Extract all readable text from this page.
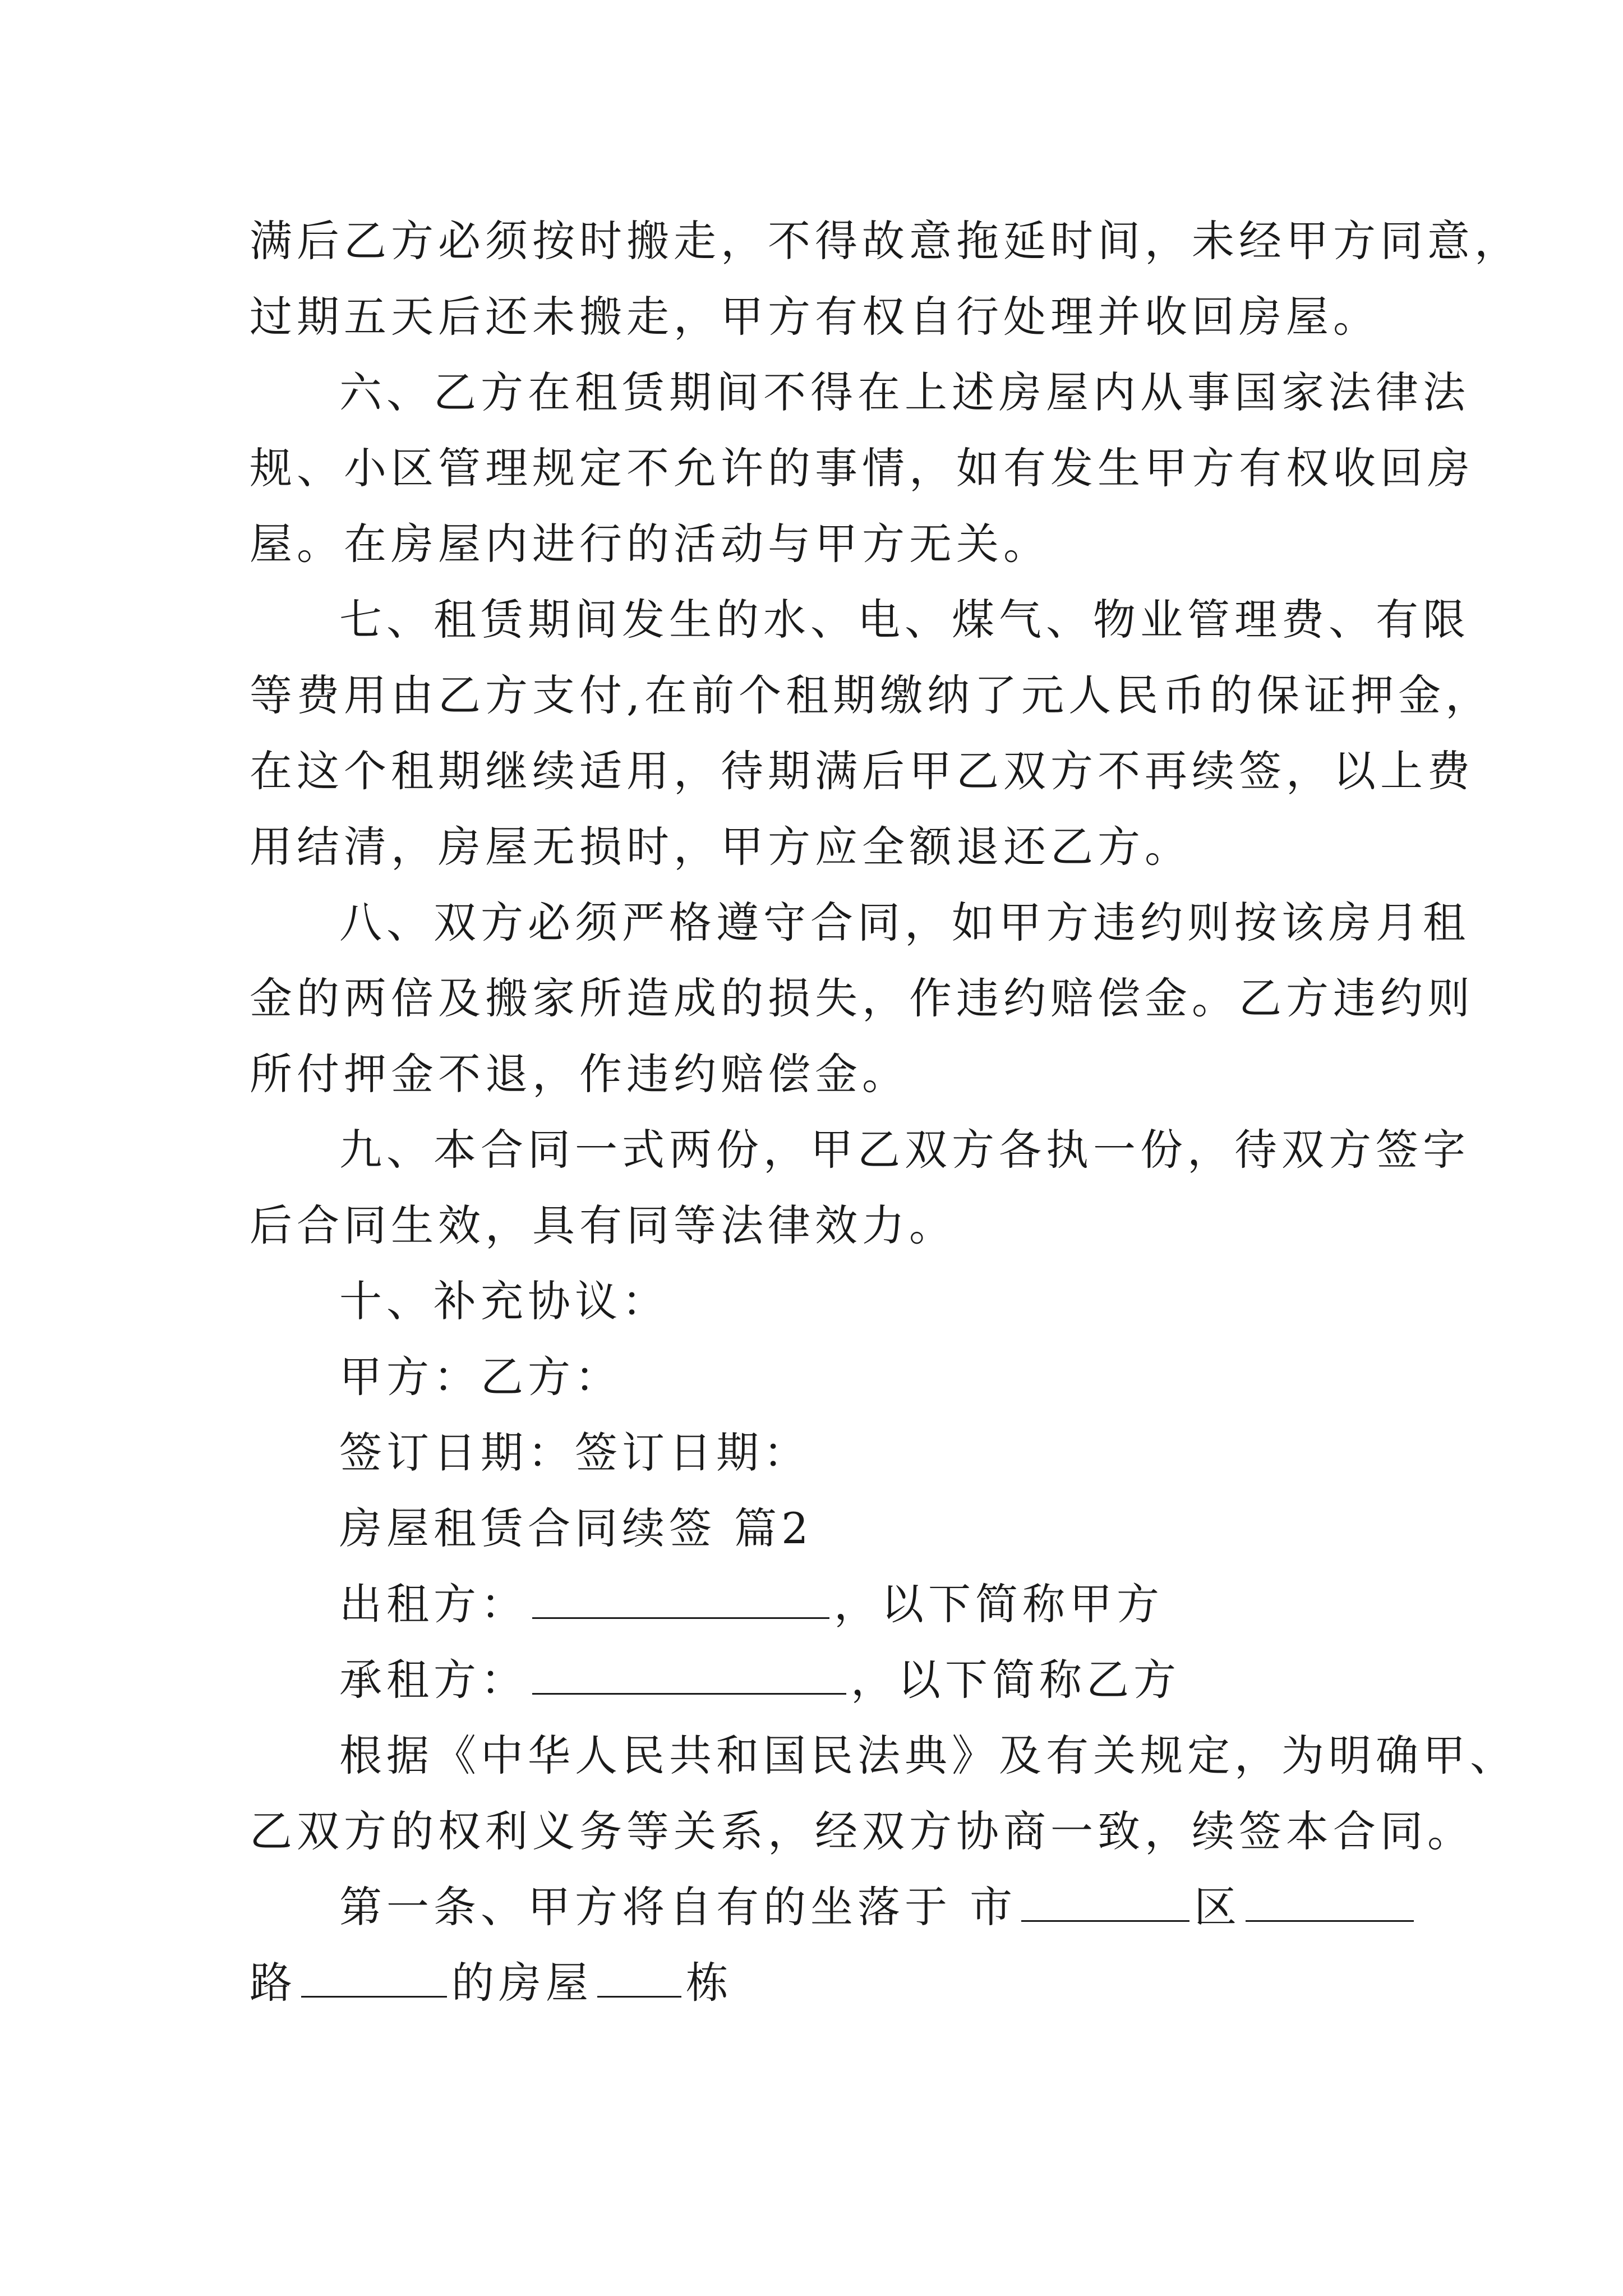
满后乙方必须按时搬走，不得故意拖延时间，未经甲方同意，
过期五天后还未搬走，甲方有权自行处理并收回房屋。
六、乙方在租赁期间不得在上述房屋内从事国家法律法
规、小区管理规定不允许的事情，如有发生甲方有权收回房
屋。在房屋内进行的活动与甲方无关。
七、租赁期间发生的水、电、煤气、物业管理费、有限
等费用由乙方支付,在前个租期缴纳了元人民币的保证押金，
在这个租期继续适用，待期满后甲乙双方不再续签，以上费
用结清，房屋无损时，甲方应全额退还乙方。
八、双方必须严格遵守合同，如甲方违约则按该房月租
金的两倍及搬家所造成的损失，作违约赔偿金。乙方违约则
所付押金不退，作违约赔偿金。
九、本合同一式两份，甲乙双方各执一份，待双方签字
后合同生效，具有同等法律效力。
十、补充协议：
甲方：乙方：
签订日期：签订日期：
房屋租赁合同续签 篇2
出租方：	，以下简称甲方
承租方：	，以下简称乙方
根据《中华人民共和国民法典》及有关规定，为明确甲、
乙双方的权利义务等关系，经双方协商一致，续签本合同。
第一条、甲方将自有的坐落于 市	区
路	的房屋 栋
